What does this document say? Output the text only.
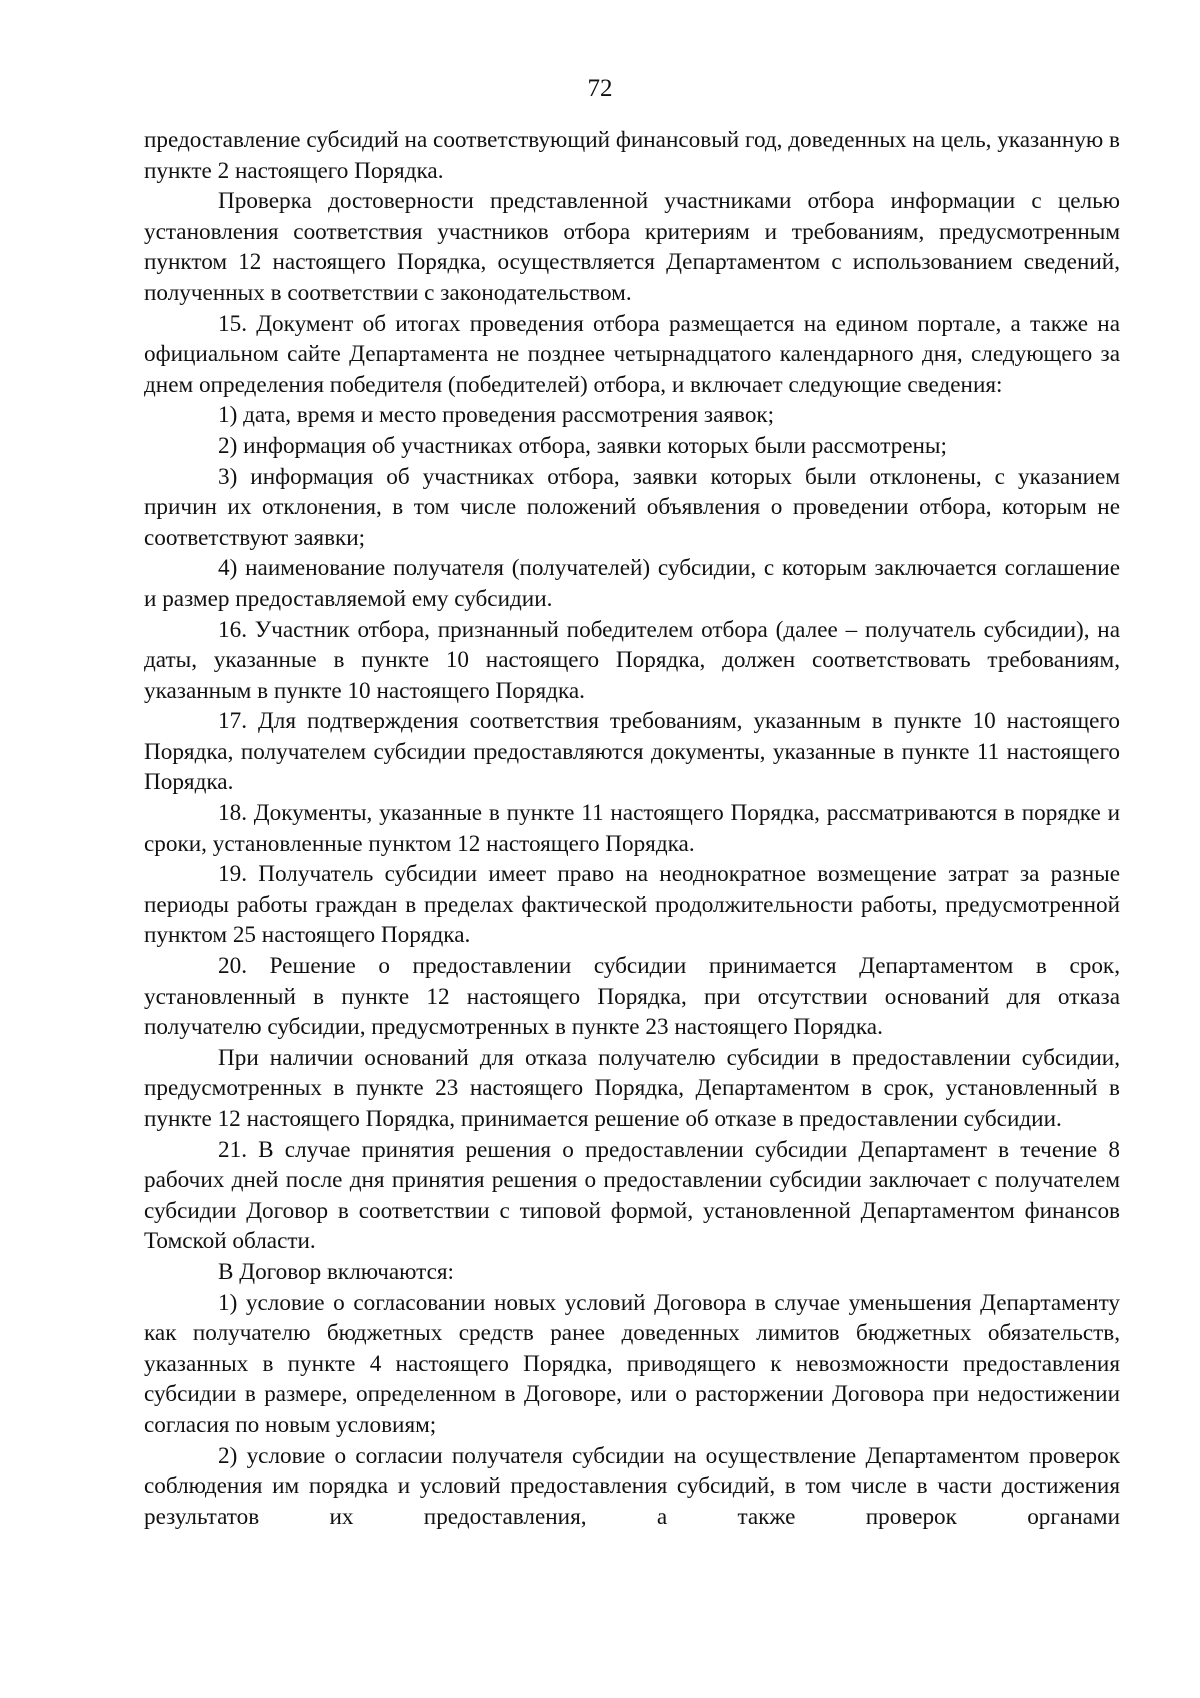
72

предоставление субсидий на соответствующий финансовый год, доведенных на цель, указанную в пункте 2 настоящего Порядка.

Проверка достоверности представленной участниками отбора информации с целью установления соответствия участников отбора критериям и требованиям, предусмотренным пунктом 12 настоящего Порядка, осуществляется Департаментом с использованием сведений, полученных в соответствии с законодательством.

15. Документ об итогах проведения отбора размещается на едином портале, а также на официальном сайте Департамента не позднее четырнадцатого календарного дня, следующего за днем определения победителя (победителей) отбора, и включает следующие сведения:

1) дата, время и место проведения рассмотрения заявок;

2) информация об участниках отбора, заявки которых были рассмотрены;

3) информация об участниках отбора, заявки которых были отклонены, с указанием причин их отклонения, в том числе положений объявления о проведении отбора, которым не соответствуют заявки;

4) наименование получателя (получателей) субсидии, с которым заключается соглашение и размер предоставляемой ему субсидии.

16. Участник отбора, признанный победителем отбора (далее – получатель субсидии), на даты, указанные в пункте 10 настоящего Порядка, должен соответствовать требованиям, указанным в пункте 10 настоящего Порядка.

17. Для подтверждения соответствия требованиям, указанным в пункте 10 настоящего Порядка, получателем субсидии предоставляются документы, указанные в пункте 11 настоящего Порядка.

18. Документы, указанные в пункте 11 настоящего Порядка, рассматриваются в порядке и сроки, установленные пунктом 12 настоящего Порядка.

19. Получатель субсидии имеет право на неоднократное возмещение затрат за разные периоды работы граждан в пределах фактической продолжительности работы, предусмотренной пунктом 25 настоящего Порядка.

20. Решение о предоставлении субсидии принимается Департаментом в срок, установленный в пункте 12 настоящего Порядка, при отсутствии оснований для отказа получателю субсидии, предусмотренных в пункте 23 настоящего Порядка.

При наличии оснований для отказа получателю субсидии в предоставлении субсидии, предусмотренных в пункте 23 настоящего Порядка, Департаментом в срок, установленный в пункте 12 настоящего Порядка, принимается решение об отказе в предоставлении субсидии.

21. В случае принятия решения о предоставлении субсидии Департамент в течение 8 рабочих дней после дня принятия решения о предоставлении субсидии заключает с получателем субсидии Договор в соответствии с типовой формой, установленной Департаментом финансов Томской области.

В Договор включаются:

1) условие о согласовании новых условий Договора в случае уменьшения Департаменту как получателю бюджетных средств ранее доведенных лимитов бюджетных обязательств, указанных в пункте 4 настоящего Порядка, приводящего к невозможности предоставления субсидии в размере, определенном в Договоре, или о расторжении Договора при недостижении согласия по новым условиям;

2) условие о согласии получателя субсидии на осуществление Департаментом проверок соблюдения им порядка и условий предоставления субсидий, в том числе в части достижения результатов их предоставления, а также проверок органами
